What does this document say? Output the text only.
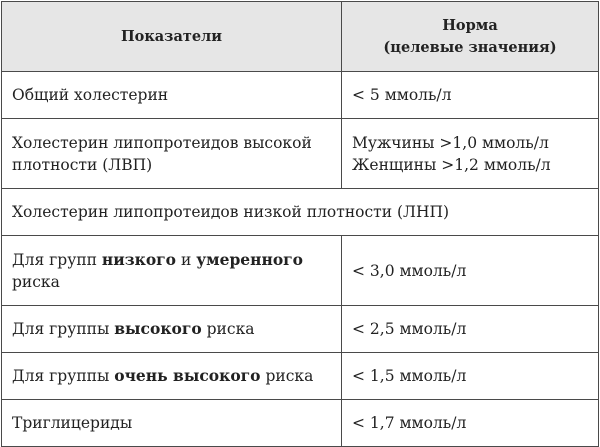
Показатели	Норма
(целевые значения)

Общий холестерин	< 5 ммоль/л
Холестерин липопротеидов высокой плотности (ЛВП)	Мужчины >1,0 ммоль/л
Женщины >1,2 ммоль/л

Холестерин липопротеидов низкой плотности (ЛНП)	
Для групп низкого и умеренного риска	< 3,0 ммоль/л
Для группы высокого риска	< 2,5 ммоль/л
Для группы очень высокого риска	< 1,5 ммоль/л
Триглицериды	< 1,7 ммоль/л
